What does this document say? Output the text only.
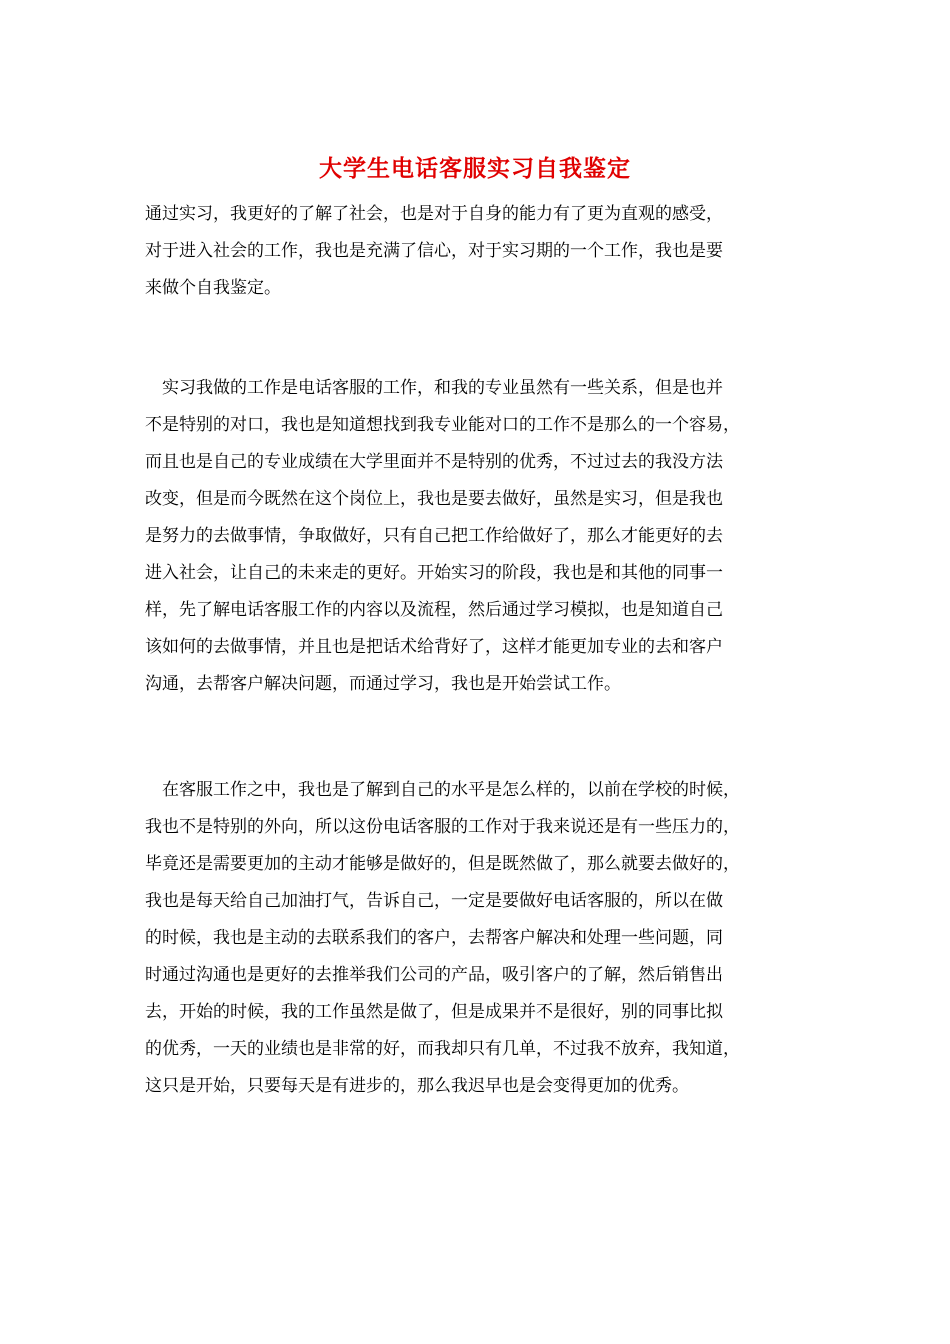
大学生电话客服实习自我鉴定
通过实习，我更好的了解了社会，也是对于自身的能力有了更为直观的感受，
对于进入社会的工作，我也是充满了信心，对于实习期的一个工作，我也是要
来做个自我鉴定。
　实习我做的工作是电话客服的工作，和我的专业虽然有一些关系，但是也并
不是特别的对口，我也是知道想找到我专业能对口的工作不是那么的一个容易，
而且也是自己的专业成绩在大学里面并不是特别的优秀，不过过去的我没方法
改变，但是而今既然在这个岗位上，我也是要去做好，虽然是实习，但是我也
是努力的去做事情，争取做好，只有自己把工作给做好了，那么才能更好的去
进入社会，让自己的未来走的更好。开始实习的阶段，我也是和其他的同事一
样，先了解电话客服工作的内容以及流程，然后通过学习模拟，也是知道自己
该如何的去做事情，并且也是把话术给背好了，这样才能更加专业的去和客户
沟通，去帮客户解决问题，而通过学习，我也是开始尝试工作。
　在客服工作之中，我也是了解到自己的水平是怎么样的，以前在学校的时候，
我也不是特别的外向，所以这份电话客服的工作对于我来说还是有一些压力的，
毕竟还是需要更加的主动才能够是做好的，但是既然做了，那么就要去做好的，
我也是每天给自己加油打气，告诉自己，一定是要做好电话客服的，所以在做
的时候，我也是主动的去联系我们的客户，去帮客户解决和处理一些问题，同
时通过沟通也是更好的去推举我们公司的产品，吸引客户的了解，然后销售出
去，开始的时候，我的工作虽然是做了，但是成果并不是很好，别的同事比拟
的优秀，一天的业绩也是非常的好，而我却只有几单，不过我不放弃，我知道，
这只是开始，只要每天是有进步的，那么我迟早也是会变得更加的优秀。
